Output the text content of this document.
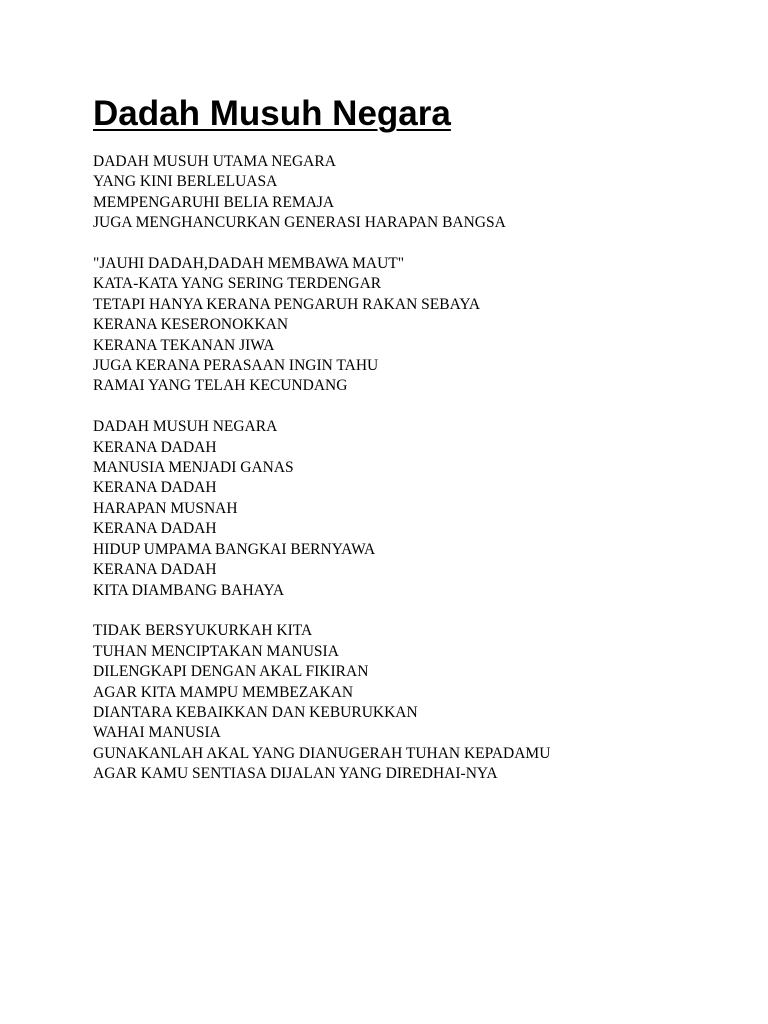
Dadah Musuh Negara
DADAH MUSUH UTAMA NEGARA
YANG KINI BERLELUASA
MEMPENGARUHI BELIA REMAJA
JUGA MENGHANCURKAN GENERASI HARAPAN BANGSA
"JAUHI DADAH,DADAH MEMBAWA MAUT"
KATA-KATA YANG SERING TERDENGAR
TETAPI HANYA KERANA PENGARUH RAKAN SEBAYA
KERANA KESERONOKKAN
KERANA TEKANAN JIWA
JUGA KERANA PERASAAN INGIN TAHU
RAMAI YANG TELAH KECUNDANG
DADAH MUSUH NEGARA
KERANA DADAH
MANUSIA MENJADI GANAS
KERANA DADAH
HARAPAN MUSNAH
KERANA DADAH
HIDUP UMPAMA BANGKAI BERNYAWA
KERANA DADAH
KITA DIAMBANG BAHAYA
TIDAK BERSYUKURKAH KITA
TUHAN MENCIPTAKAN MANUSIA
DILENGKAPI DENGAN AKAL FIKIRAN
AGAR KITA MAMPU MEMBEZAKAN
DIANTARA KEBAIKKAN DAN KEBURUKKAN
WAHAI MANUSIA
GUNAKANLAH AKAL YANG DIANUGERAH TUHAN KEPADAMU
AGAR KAMU SENTIASA DIJALAN YANG DIREDHAI-NYA
